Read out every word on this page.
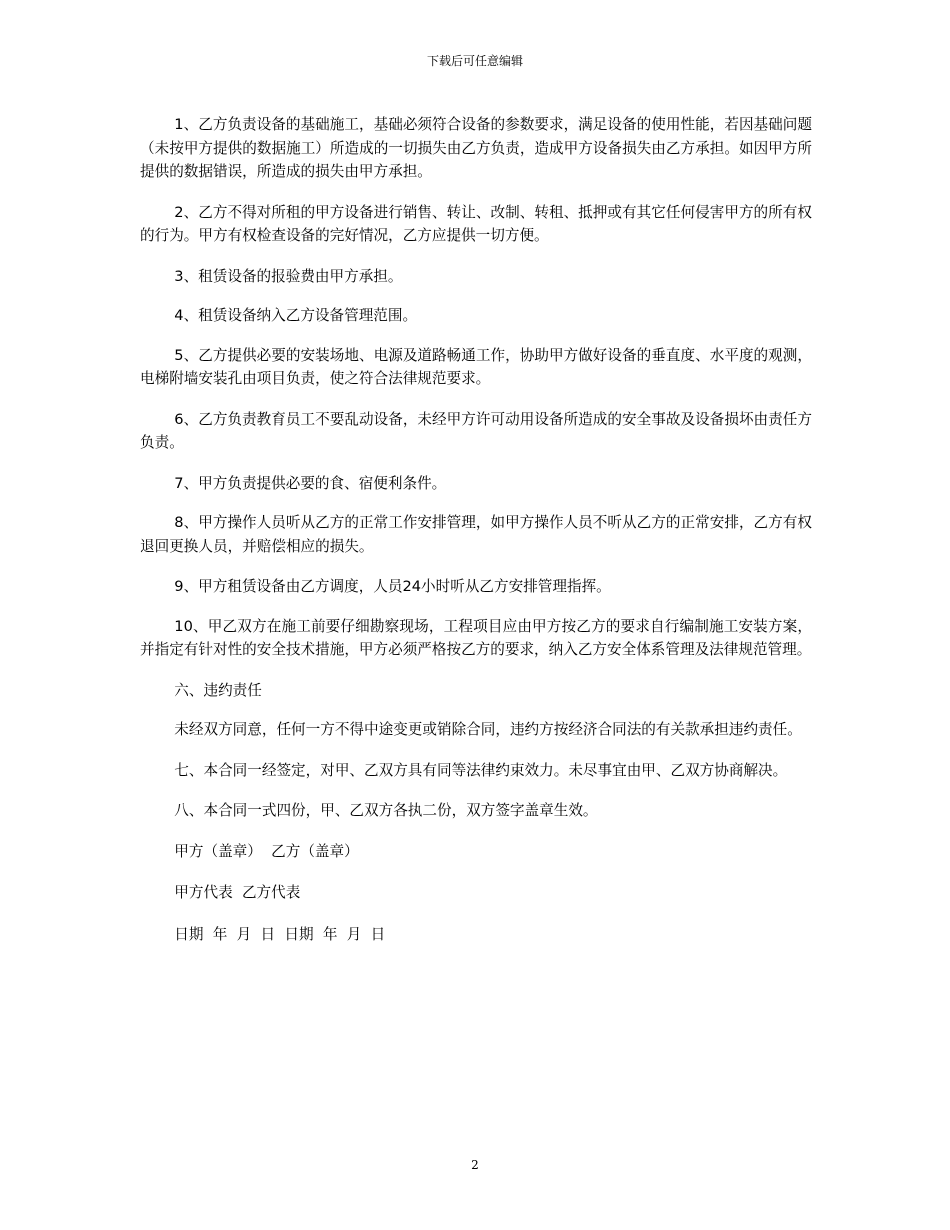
下载后可任意编辑

1、乙方负责设备的基础施工，基础必须符合设备的参数要求，满足设备的使用性能，若因基础问题（未按甲方提供的数据施工）所造成的一切损失由乙方负责，造成甲方设备损失由乙方承担。如因甲方所提供的数据错误，所造成的损失由甲方承担。

2、乙方不得对所租的甲方设备进行销售、转让、改制、转租、抵押或有其它任何侵害甲方的所有权的行为。甲方有权检查设备的完好情况，乙方应提供一切方便。

3、租赁设备的报验费由甲方承担。

4、租赁设备纳入乙方设备管理范围。

5、乙方提供必要的安装场地、电源及道路畅通工作，协助甲方做好设备的垂直度、水平度的观测，电梯附墙安装孔由项目负责，使之符合法律规范要求。

6、乙方负责教育员工不要乱动设备，未经甲方许可动用设备所造成的安全事故及设备损坏由责任方负责。

7、甲方负责提供必要的食、宿便利条件。

8、甲方操作人员听从乙方的正常工作安排管理，如甲方操作人员不听从乙方的正常安排，乙方有权退回更换人员，并赔偿相应的损失。

9、甲方租赁设备由乙方调度，人员24小时听从乙方安排管理指挥。

10、甲乙双方在施工前要仔细勘察现场，工程项目应由甲方按乙方的要求自行编制施工安装方案，并指定有针对性的安全技术措施，甲方必须严格按乙方的要求，纳入乙方安全体系管理及法律规范管理。

六、违约责任

未经双方同意，任何一方不得中途变更或销除合同，违约方按经济合同法的有关款承担违约责任。

七、本合同一经签定，对甲、乙双方具有同等法律约束效力。未尽事宜由甲、乙双方协商解决。

八、本合同一式四份，甲、乙双方各执二份，双方签字盖章生效。

甲方（盖章）  乙方（盖章）

甲方代表  乙方代表

日期  年  月  日  日期  年  月  日

2
